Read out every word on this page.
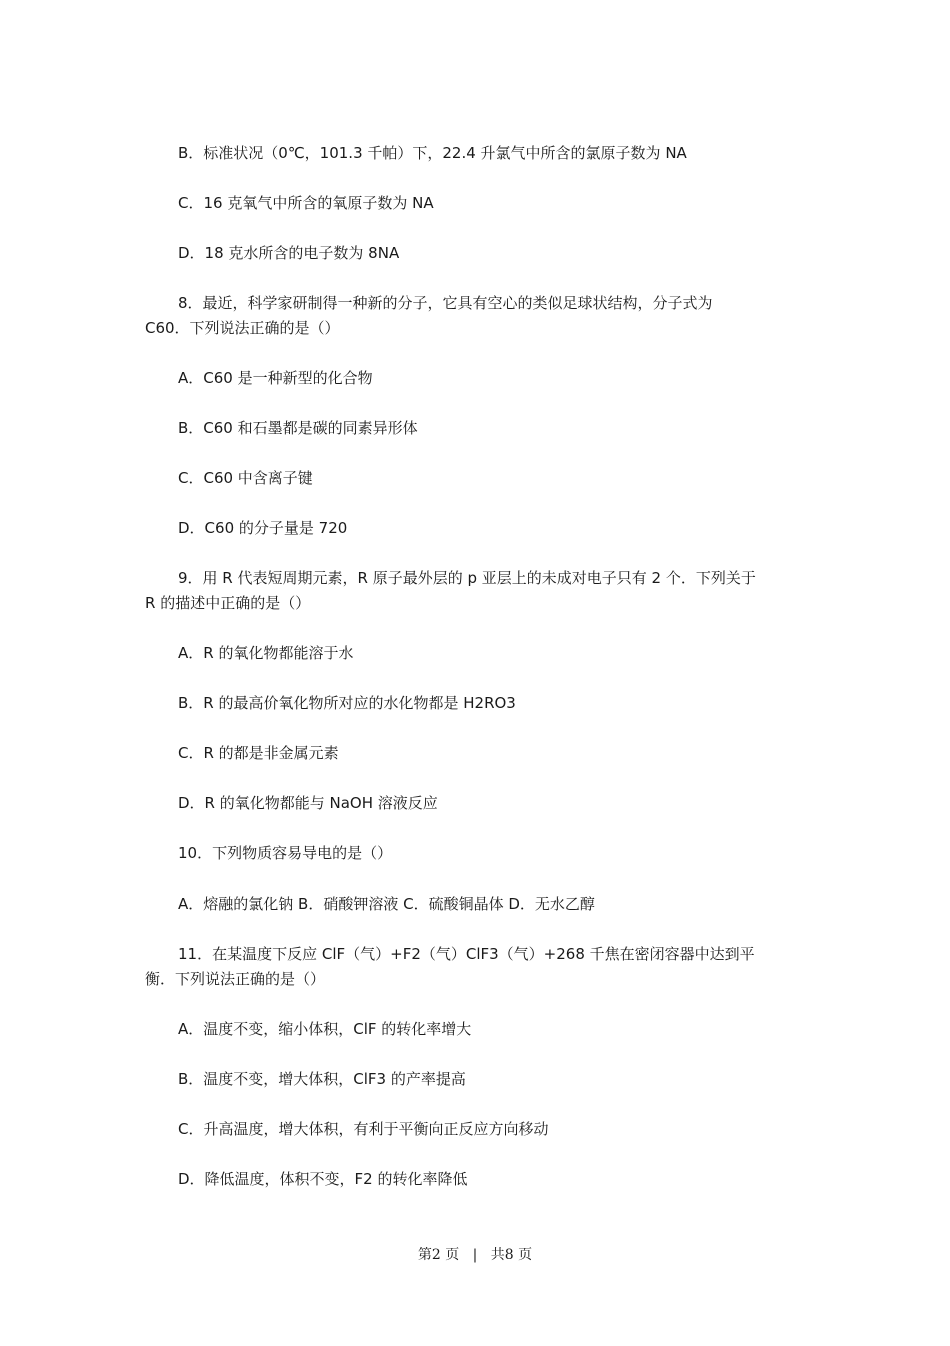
B．标准状况（0℃，101.3 千帕）下，22.4 升氯气中所含的氯原子数为 NA
C．16 克氧气中所含的氧原子数为 NA
D．18 克水所含的电子数为 8NA
8．最近，科学家研制得一种新的分子，它具有空心的类似足球状结构，分子式为
C60．下列说法正确的是（）
A．C60 是一种新型的化合物
B．C60 和石墨都是碳的同素异形体
C．C60 中含离子键
D．C60 的分子量是 720
9．用 R 代表短周期元素，R 原子最外层的 p 亚层上的未成对电子只有 2 个．下列关于
R 的描述中正确的是（）
A．R 的氧化物都能溶于水
B．R 的最高价氧化物所对应的水化物都是 H2RO3
C．R 的都是非金属元素
D．R 的氧化物都能与 NaOH 溶液反应
10．下列物质容易导电的是（）
A．熔融的氯化钠 B．硝酸钾溶液 C．硫酸铜晶体 D．无水乙醇
11．在某温度下反应 ClF（气）+F2（气）ClF3（气）+268 千焦在密闭容器中达到平
衡．下列说法正确的是（）
A．温度不变，缩小体积，ClF 的转化率增大
B．温度不变，增大体积，ClF3 的产率提高
C．升高温度，增大体积，有利于平衡向正反应方向移动
D．降低温度，体积不变，F2 的转化率降低
第2 页 | 共8 页
